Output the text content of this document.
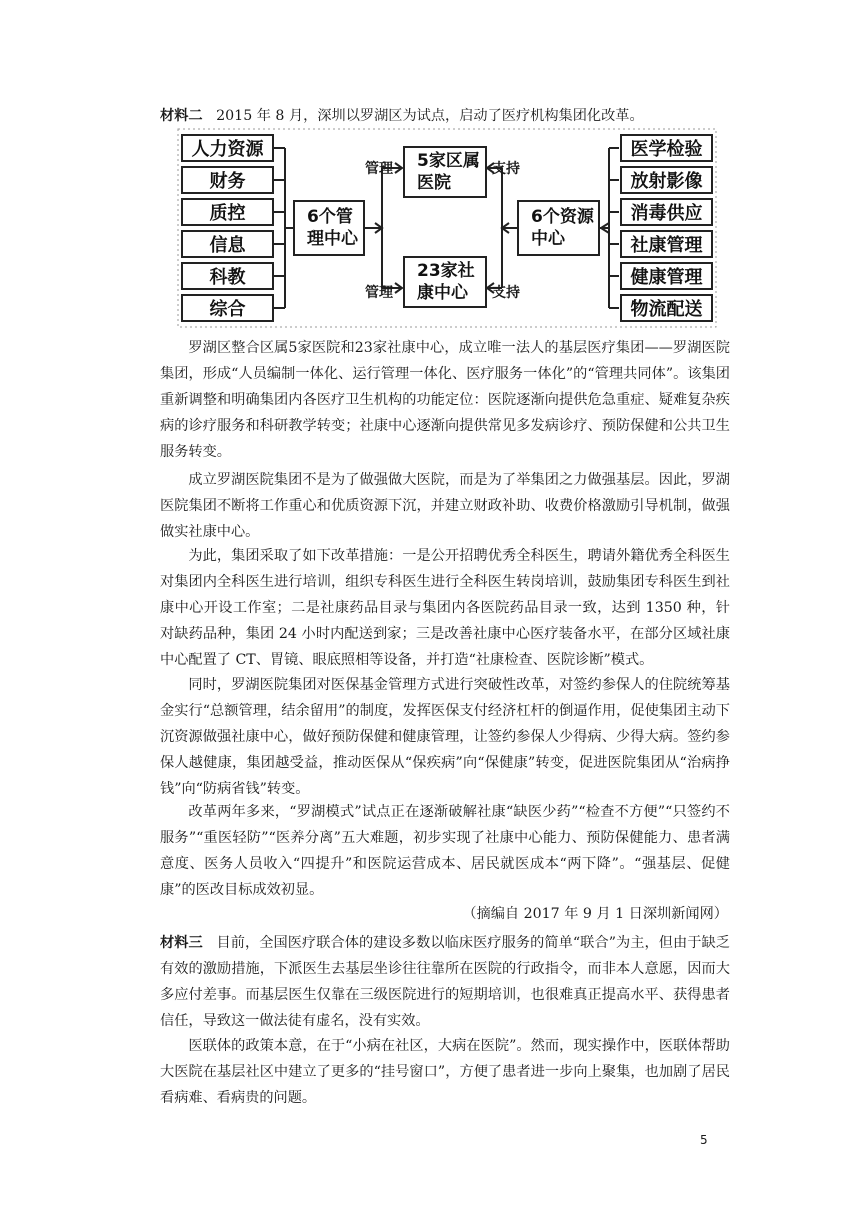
材料二 2015 年 8 月，深圳以罗湖区为试点，启动了医疗机构集团化改革。

人力资源
财务
质控
信息
科教
综合
6个管理中心
5家区属医院
23家社康中心
管理
管理
支持
支持
6个资源中心
医学检验
放射影像
消毒供应
社康管理
健康管理
物流配送

罗湖区整合区属5家医院和23家社康中心，成立唯一法人的基层医疗集团——罗湖医院集团，形成“人员编制一体化、运行管理一体化、医疗服务一体化”的“管理共同体”。该集团重新调整和明确集团内各医疗卫生机构的功能定位：医院逐渐向提供危急重症、疑难复杂疾病的诊疗服务和科研教学转变；社康中心逐渐向提供常见多发病诊疗、预防保健和公共卫生服务转变。

成立罗湖医院集团不是为了做强做大医院，而是为了举集团之力做强基层。因此，罗湖医院集团不断将工作重心和优质资源下沉，并建立财政补助、收费价格激励引导机制，做强做实社康中心。

为此，集团采取了如下改革措施：一是公开招聘优秀全科医生，聘请外籍优秀全科医生对集团内全科医生进行培训，组织专科医生进行全科医生转岗培训，鼓励集团专科医生到社康中心开设工作室；二是社康药品目录与集团内各医院药品目录一致，达到 1350 种，针对缺药品种，集团 24 小时内配送到家；三是改善社康中心医疗装备水平，在部分区域社康中心配置了 CT、胃镜、眼底照相等设备，并打造“社康检查、医院诊断”模式。

同时，罗湖医院集团对医保基金管理方式进行突破性改革，对签约参保人的住院统筹基金实行“总额管理，结余留用”的制度，发挥医保支付经济杠杆的倒逼作用，促使集团主动下沉资源做强社康中心，做好预防保健和健康管理，让签约参保人少得病、少得大病。签约参保人越健康，集团越受益，推动医保从“保疾病”向“保健康”转变，促进医院集团从“治病挣钱”向“防病省钱”转变。

改革两年多来，“罗湖模式”试点正在逐渐破解社康“缺医少药”“检查不方便”“只签约不服务”“重医轻防”“医养分离”五大难题，初步实现了社康中心能力、预防保健能力、患者满意度、医务人员收入“四提升”和医院运营成本、居民就医成本“两下降”。“强基层、促健康”的医改目标成效初显。

（摘编自 2017 年 9 月 1 日深圳新闻网）

材料三 目前，全国医疗联合体的建设多数以临床医疗服务的简单“联合”为主，但由于缺乏有效的激励措施，下派医生去基层坐诊往往靠所在医院的行政指令，而非本人意愿，因而大多应付差事。而基层医生仅靠在三级医院进行的短期培训，也很难真正提高水平、获得患者信任，导致这一做法徒有虚名，没有实效。

医联体的政策本意，在于“小病在社区，大病在医院”。然而，现实操作中，医联体帮助大医院在基层社区中建立了更多的“挂号窗口”，方便了患者进一步向上聚集，也加剧了居民看病难、看病贵的问题。

5
